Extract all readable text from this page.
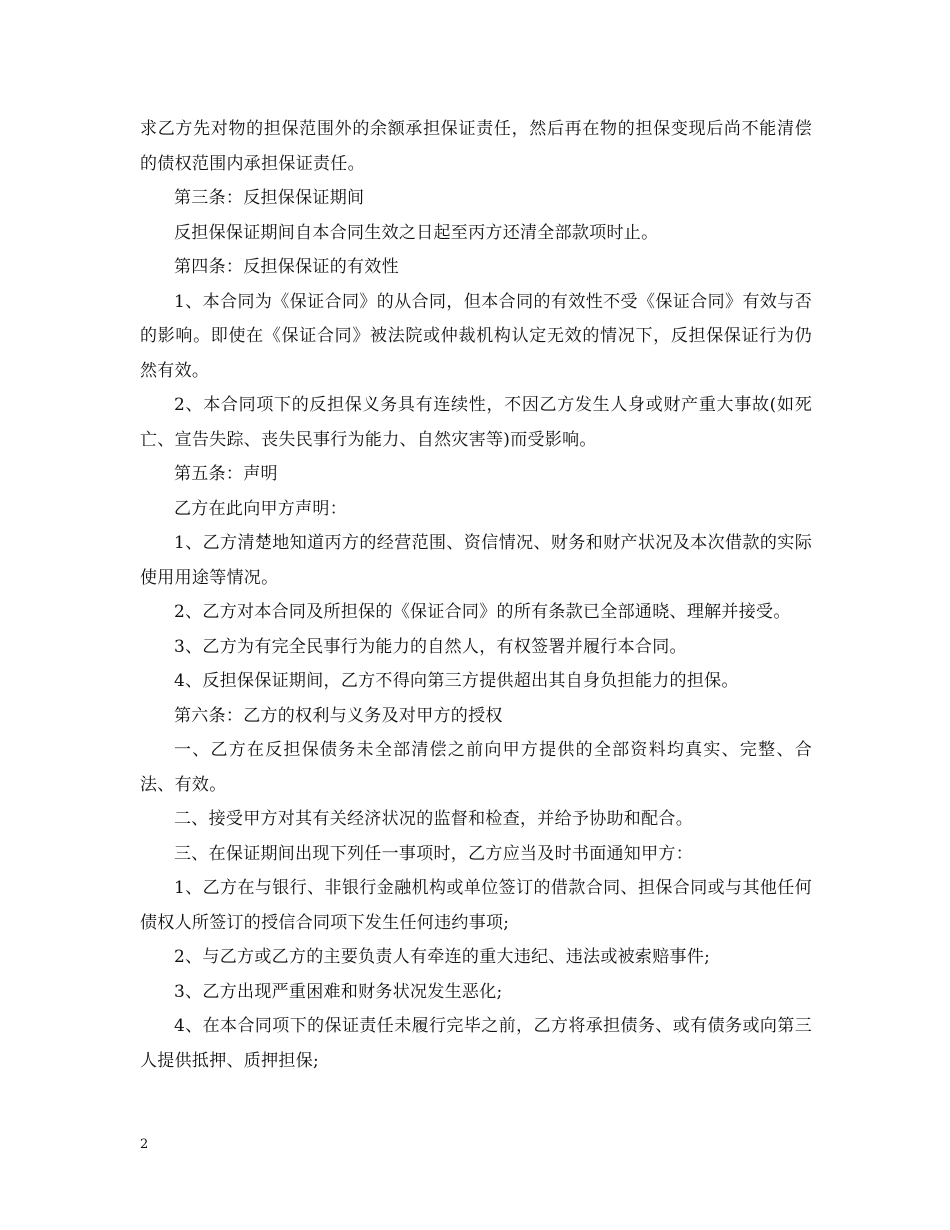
求乙方先对物的担保范围外的余额承担保证责任，然后再在物的担保变现后尚不能清偿的债权范围内承担保证责任。

第三条：反担保保证期间

反担保保证期间自本合同生效之日起至丙方还清全部款项时止。

第四条：反担保保证的有效性

1、本合同为《保证合同》的从合同，但本合同的有效性不受《保证合同》有效与否的影响。即使在《保证合同》被法院或仲裁机构认定无效的情况下，反担保保证行为仍然有效。

2、本合同项下的反担保义务具有连续性，不因乙方发生人身或财产重大事故(如死亡、宣告失踪、丧失民事行为能力、自然灾害等)而受影响。

第五条：声明

乙方在此向甲方声明：

1、乙方清楚地知道丙方的经营范围、资信情况、财务和财产状况及本次借款的实际使用用途等情况。

2、乙方对本合同及所担保的《保证合同》的所有条款已全部通晓、理解并接受。

3、乙方为有完全民事行为能力的自然人，有权签署并履行本合同。

4、反担保保证期间，乙方不得向第三方提供超出其自身负担能力的担保。

第六条：乙方的权利与义务及对甲方的授权

一、乙方在反担保债务未全部清偿之前向甲方提供的全部资料均真实、完整、合法、有效。

二、接受甲方对其有关经济状况的监督和检查，并给予协助和配合。

三、在保证期间出现下列任一事项时，乙方应当及时书面通知甲方：

1、乙方在与银行、非银行金融机构或单位签订的借款合同、担保合同或与其他任何债权人所签订的授信合同项下发生任何违约事项;

2、与乙方或乙方的主要负责人有牵连的重大违纪、违法或被索赔事件;

3、乙方出现严重困难和财务状况发生恶化;

4、在本合同项下的保证责任未履行完毕之前，乙方将承担债务、或有债务或向第三人提供抵押、质押担保;

2
